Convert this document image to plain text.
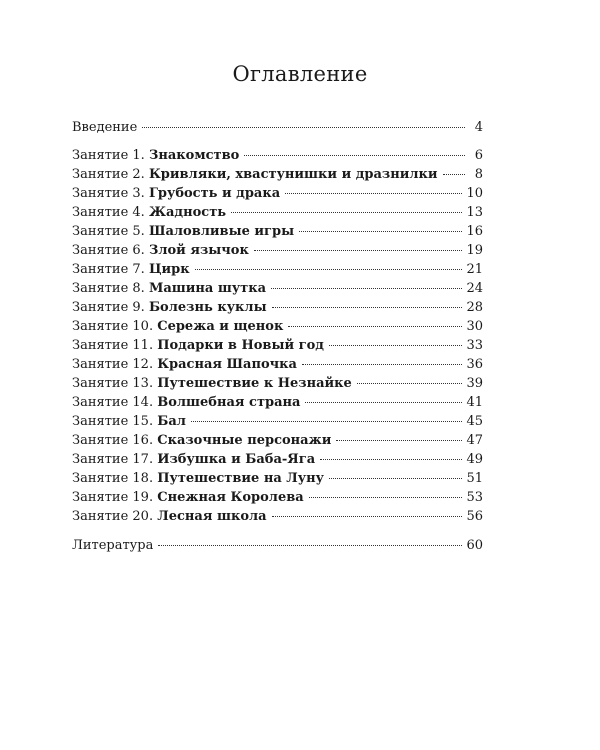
Оглавление
Введение	4
Занятие 1. Знакомство	6
Занятие 2. Кривляки, хвастунишки и дразнилки	8
Занятие 3. Грубость и драка	10
Занятие 4. Жадность	13
Занятие 5. Шаловливые игры	16
Занятие 6. Злой язычок	19
Занятие 7. Цирк	21
Занятие 8. Машина шутка	24
Занятие 9. Болезнь куклы	28
Занятие 10. Сережа и щенок	30
Занятие 11. Подарки в Новый год	33
Занятие 12. Красная Шапочка	36
Занятие 13. Путешествие к Незнайке	39
Занятие 14. Волшебная страна	41
Занятие 15. Бал	45
Занятие 16. Сказочные персонажи	47
Занятие 17. Избушка и Баба-Яга	49
Занятие 18. Путешествие на Луну	51
Занятие 19. Снежная Королева	53
Занятие 20. Лесная школа	56
Литература	60
